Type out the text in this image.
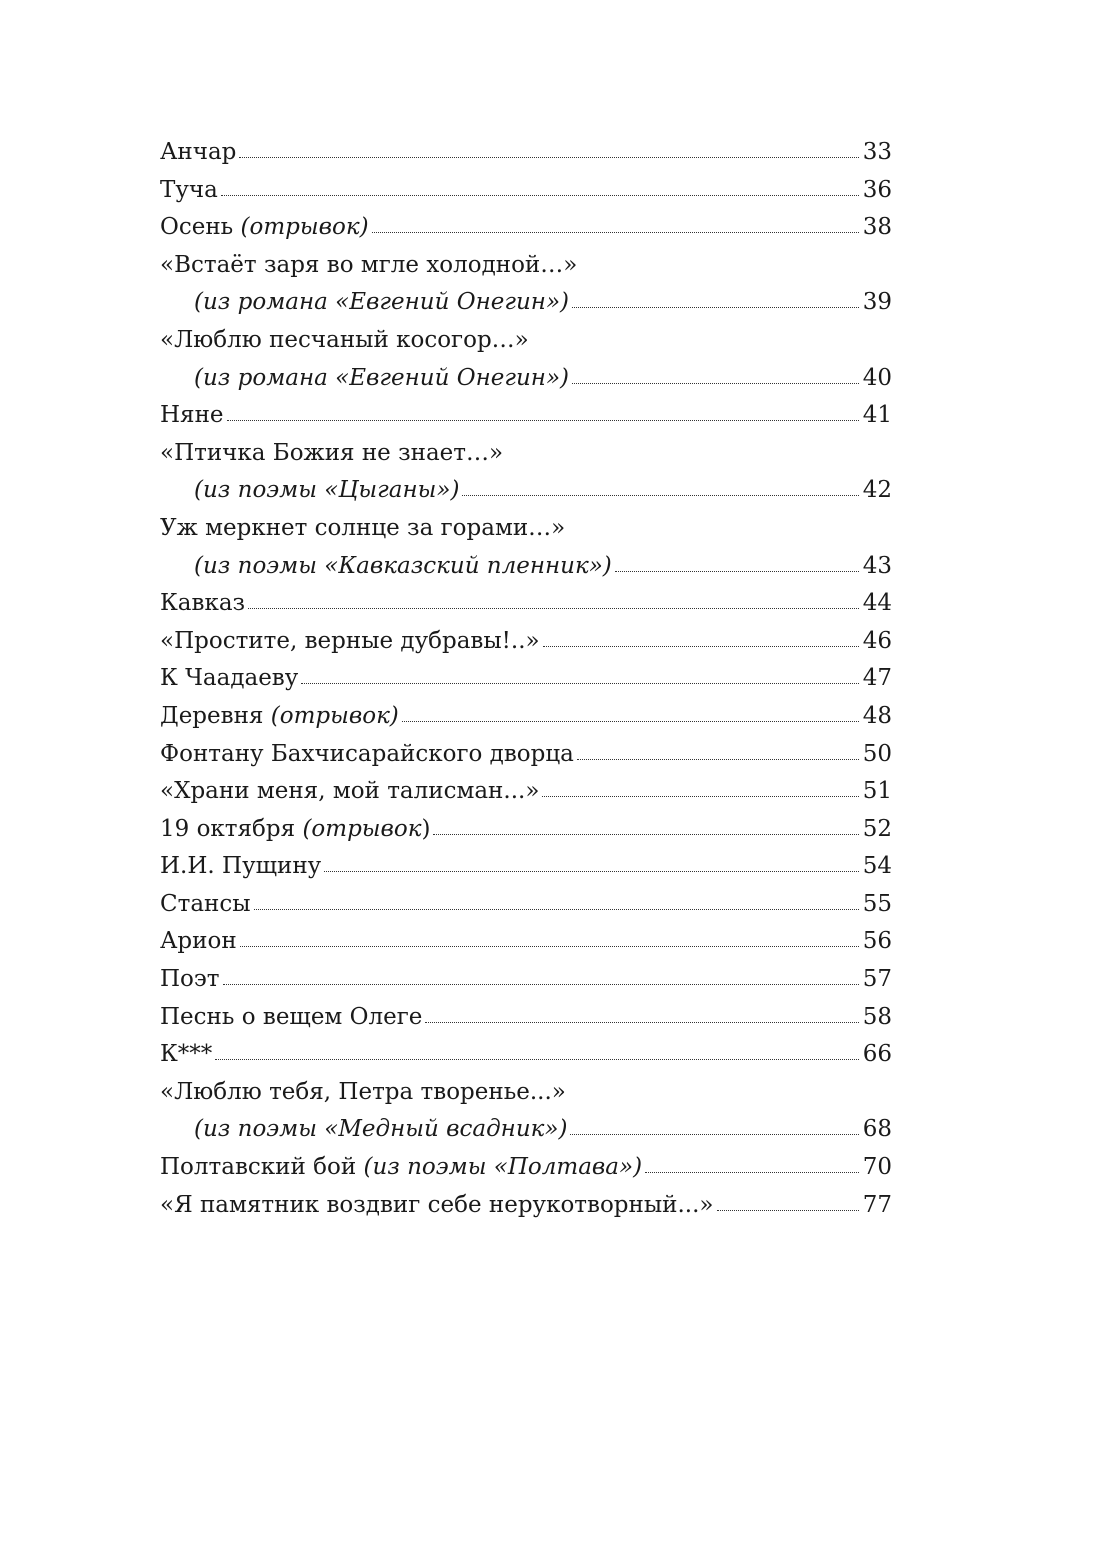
Анчар	33
Туча	36
Осень (отрывок)	38
«Встаёт заря во мгле холодной…»
(из романа «Евгений Онегин»)	39
«Люблю песчаный косогор…»
(из романа «Евгений Онегин»)	40
Няне	41
«Птичка Божия не знает…»
(из поэмы «Цыганы»)	42
Уж меркнет солнце за горами…»
(из поэмы «Кавказский пленник»)	43
Кавказ	44
«Простите, верные дубравы!..»	46
К Чаадаеву	47
Деревня (отрывок)	48
Фонтану Бахчисарайского дворца	50
«Храни меня, мой талисман...»	51
19 октября (отрывок)	52
И.И. Пущину	54
Стансы	55
Арион	56
Поэт	57
Песнь о вещем Олеге	58
К***	66
«Люблю тебя, Петра творенье...»
(из поэмы «Медный всадник»)	68
Полтавский бой (из поэмы «Полтава»)	70
«Я памятник воздвиг себе нерукотворный...»	77
